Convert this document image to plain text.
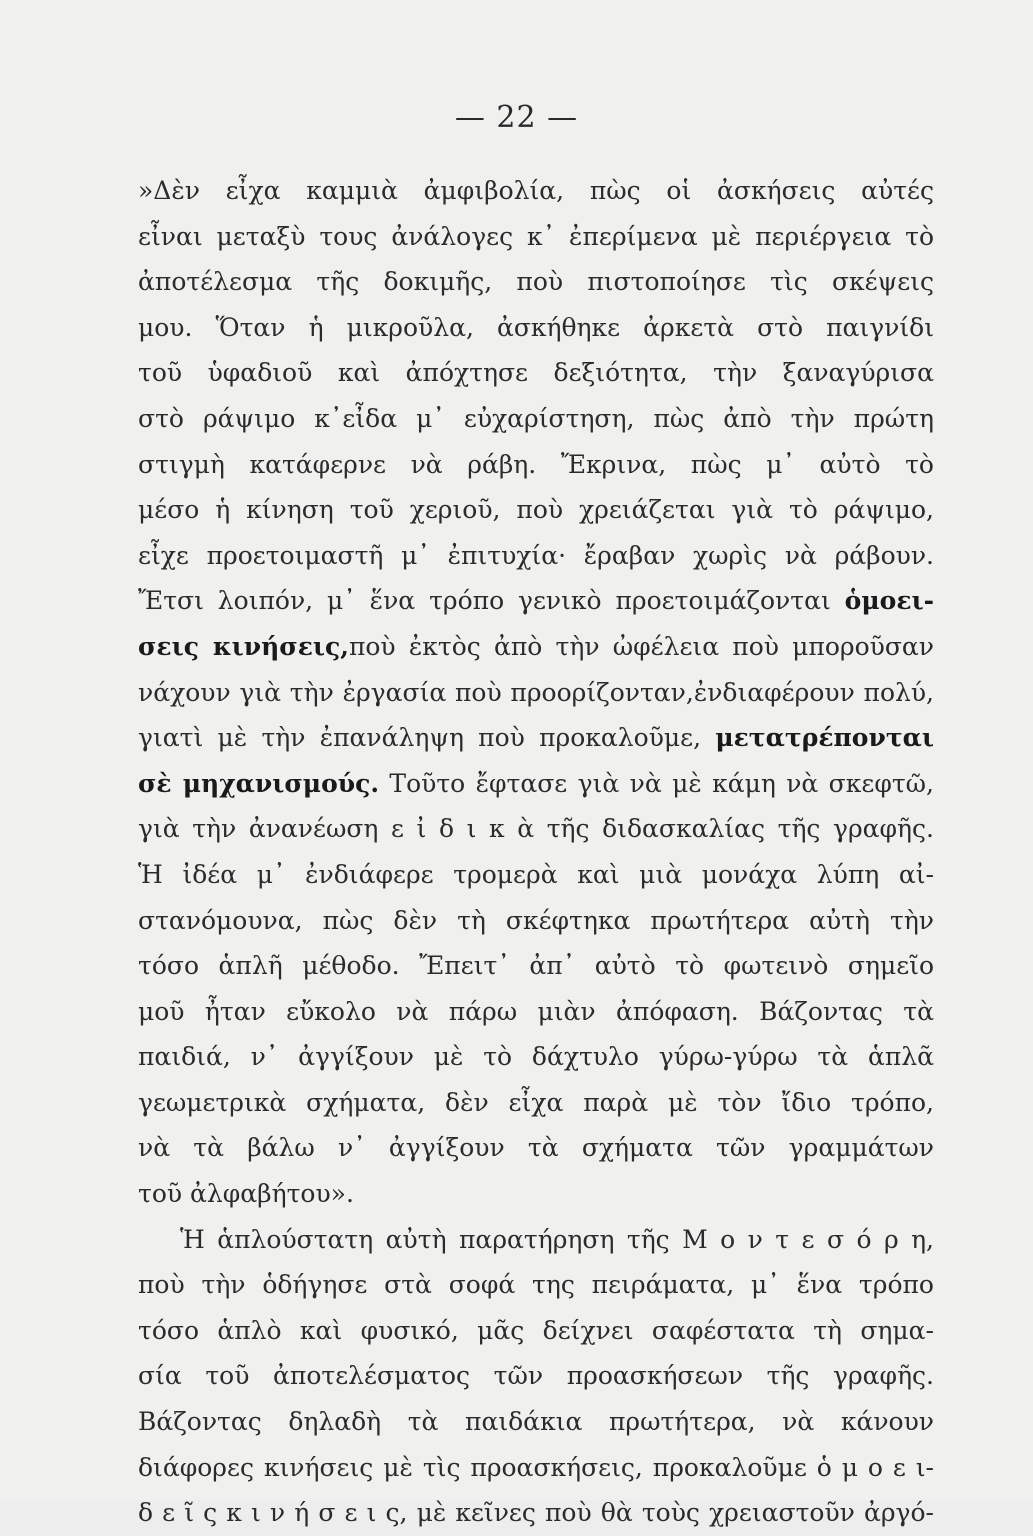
— 22 —
»Δὲν εἶχα καμμιὰ ἀμφιβολία, πὼς οἱ ἀσκήσεις αὐτές
εἶναι μεταξὺ τους ἀνάλογες κ᾽ ἐπερίμενα μὲ περιέργεια τὸ
ἀποτέλεσμα τῆς δοκιμῆς, ποὺ πιστοποίησε τὶς σκέψεις
μου. Ὅταν ἡ μικροῦλα, ἀσκήθηκε ἀρκετὰ στὸ παιγνίδι
τοῦ ὑφαδιοῦ καὶ ἀπόχτησε δεξιότητα, τὴν ξαναγύρισα
στὸ ράψιμο κ᾽εἶδα μ᾽ εὐχαρίστηση, πὼς ἀπὸ τὴν πρώτη
στιγμὴ κατάφερνε νὰ ράβη. Ἔκρινα, πὼς μ᾽ αὐτὸ τὸ
μέσο ἡ κίνηση τοῦ χεριοῦ, ποὺ χρειάζεται γιὰ τὸ ράψιμο,
εἶχε προετοιμαστῆ μ᾽ ἐπιτυχία· ἔραβαν χωρὶς νὰ ράβουν.
Ἔτσι λοιπόν, μ᾽ ἕνα τρόπο γενικὸ προετοιμάζονται ὁμοει-
σεις κινήσεις,ποὺ ἐκτὸς ἀπὸ τὴν ὠφέλεια ποὺ μποροῦσαν
νάχουν γιὰ τὴν ἐργασία ποὺ προορίζονταν,ἐνδιαφέρουν πολύ,
γιατὶ μὲ τὴν ἐπανάληψη ποὺ προκαλοῦμε, μετατρέπονται
σὲ μηχανισμούς. Τοῦτο ἔφτασε γιὰ νὰ μὲ κάμη νὰ σκεφτῶ,
γιὰ τὴν ἀνανέωση ε ἰ δ ι κ ὰ τῆς διδασκαλίας τῆς γραφῆς.
Ἡ ἰδέα μ᾽ ἐνδιάφερε τρομερὰ καὶ μιὰ μονάχα λύπη αἰ-
στανόμουνα, πὼς δὲν τὴ σκέφτηκα πρωτήτερα αὐτὴ τὴν
τόσο ἁπλῆ μέθοδο. Ἔπειτ᾽ ἀπ᾽ αὐτὸ τὸ φωτεινὸ σημεῖο
μοῦ ἦταν εὔκολο νὰ πάρω μιὰν ἀπόφαση. Βάζοντας τὰ
παιδιά, ν᾽ ἀγγίξουν μὲ τὸ δάχτυλο γύρω-γύρω τὰ ἁπλᾶ
γεωμετρικὰ σχήματα, δὲν εἶχα παρὰ μὲ τὸν ἴδιο τρόπο,
νὰ τὰ βάλω ν᾽ ἀγγίξουν τὰ σχήματα τῶν γραμμάτων
τοῦ ἀλφαβήτου».
Ἡ ἁπλούστατη αὐτὴ παρατήρηση τῆς Μ ο ν τ ε σ ό ρ η,
ποὺ τὴν ὁδήγησε στὰ σοφά της πειράματα, μ᾽ ἕνα τρόπο
τόσο ἁπλὸ καὶ φυσικό, μᾶς δείχνει σαφέστατα τὴ σημα-
σία τοῦ ἀποτελέσματος τῶν προασκήσεων τῆς γραφῆς.
Βάζοντας δηλαδὴ τὰ παιδάκια πρωτήτερα, νὰ κάνουν
διάφορες κινήσεις μὲ τὶς προασκήσεις, προκαλοῦμε ὁ μ ο ε ι-
δ ε ῖ ς κ ι ν ή σ ε ι ς, μὲ κεῖνες ποὺ θὰ τοὺς χρειαστοῦν ἀργό-
